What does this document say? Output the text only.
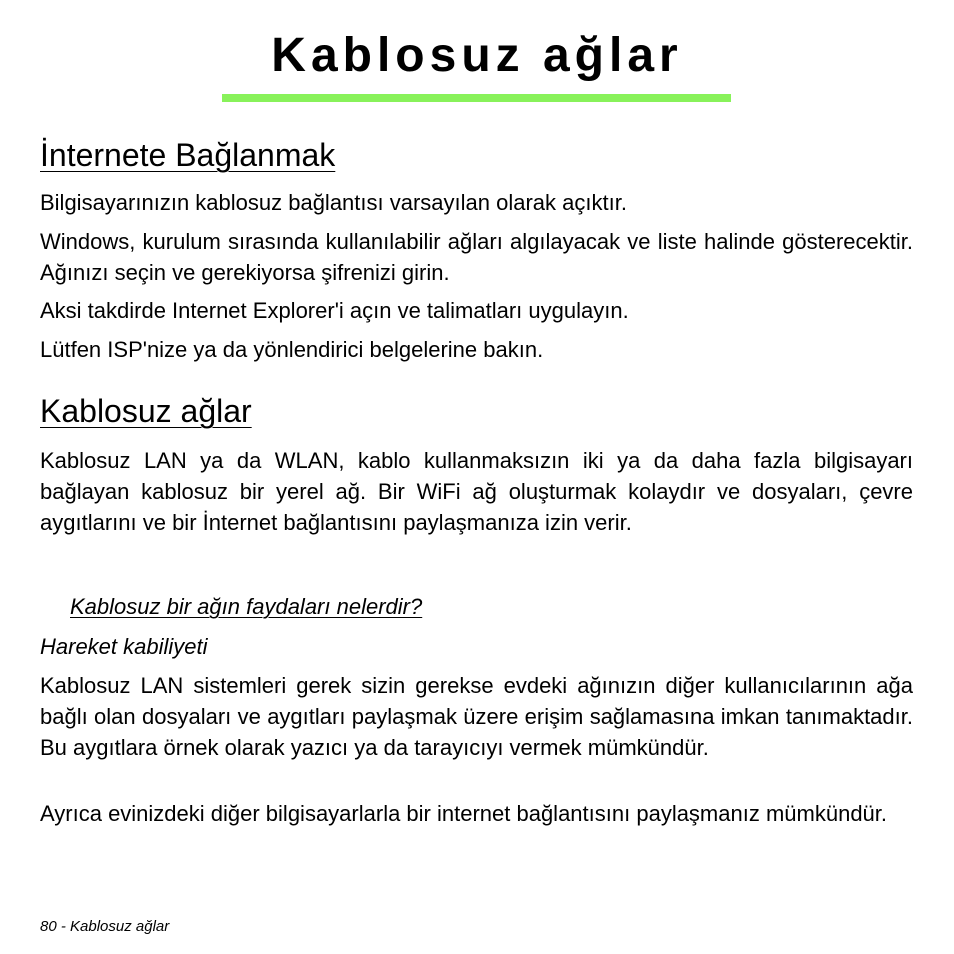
Kablosuz ağlar
İnternete Bağlanmak

Bilgisayarınızın kablosuz bağlantısı varsayılan olarak açıktır.

Windows, kurulum sırasında kullanılabilir ağları algılayacak ve liste halinde gösterecektir. Ağınızı seçin ve gerekiyorsa şifrenizi girin.

Aksi takdirde Internet Explorer'i açın ve talimatları uygulayın.

Lütfen ISP'nize ya da yönlendirici belgelerine bakın.

Kablosuz ağlar

Kablosuz LAN ya da WLAN, kablo kullanmaksızın iki ya da daha fazla bilgisayarı bağlayan kablosuz bir yerel ağ. Bir WiFi ağ oluşturmak kolaydır ve dosyaları, çevre aygıtlarını ve bir İnternet bağlantısını paylaşmanıza izin verir.

Kablosuz bir ağın faydaları nelerdir?

Hareket kabiliyeti

Kablosuz LAN sistemleri gerek sizin gerekse evdeki ağınızın diğer kullanıcılarının ağa bağlı olan dosyaları ve aygıtları paylaşmak üzere erişim sağlamasına imkan tanımaktadır. Bu aygıtlara örnek olarak yazıcı ya da tarayıcıyı vermek mümkündür.

Ayrıca evinizdeki diğer bilgisayarlarla bir internet bağlantısını paylaşmanız mümkündür.

80 - Kablosuz ağlar
